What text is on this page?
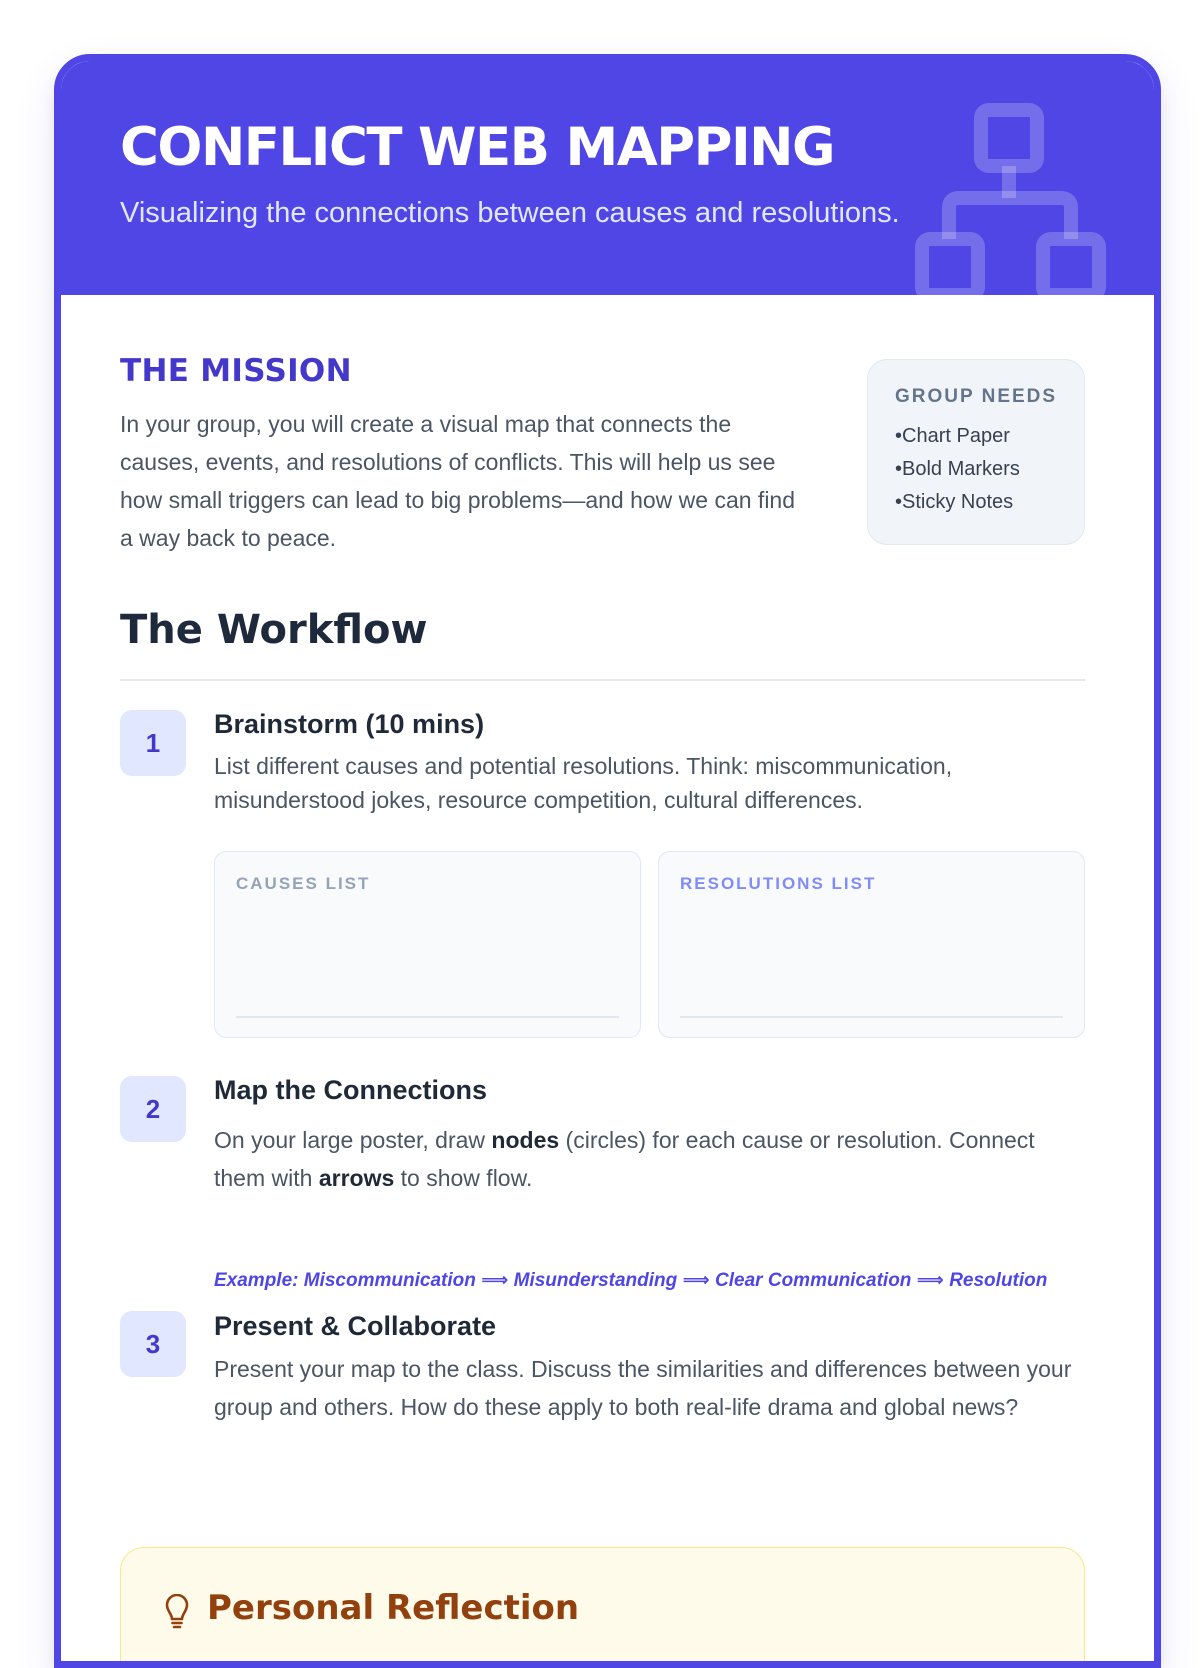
CONFLICT WEB MAPPING

Visualizing the connections between causes and resolutions.

THE MISSION

In your group, you will create a visual map that connects the causes, events, and resolutions of conflicts. This will help us see how small triggers can lead to big problems—and how we can find a way back to peace.

GROUP NEEDS

• Chart Paper
• Bold Markers
• Sticky Notes
The Workflow
1

Brainstorm (10 mins)

List different causes and potential resolutions. Think: miscommunication, misunderstood jokes, resource competition, cultural differences.

CAUSES LIST	RESOLUTIONS LIST

2

Map the Connections

On your large poster, draw nodes (circles) for each cause or resolution. Connect them with arrows to show flow.

Example: Miscommunication ⟹ Misunderstanding ⟹ Clear Communication ⟹ Resolution

3

Present & Collaborate

Present your map to the class. Discuss the similarities and differences between your group and others. How do these apply to both real-life drama and global news?

Personal Reflection
